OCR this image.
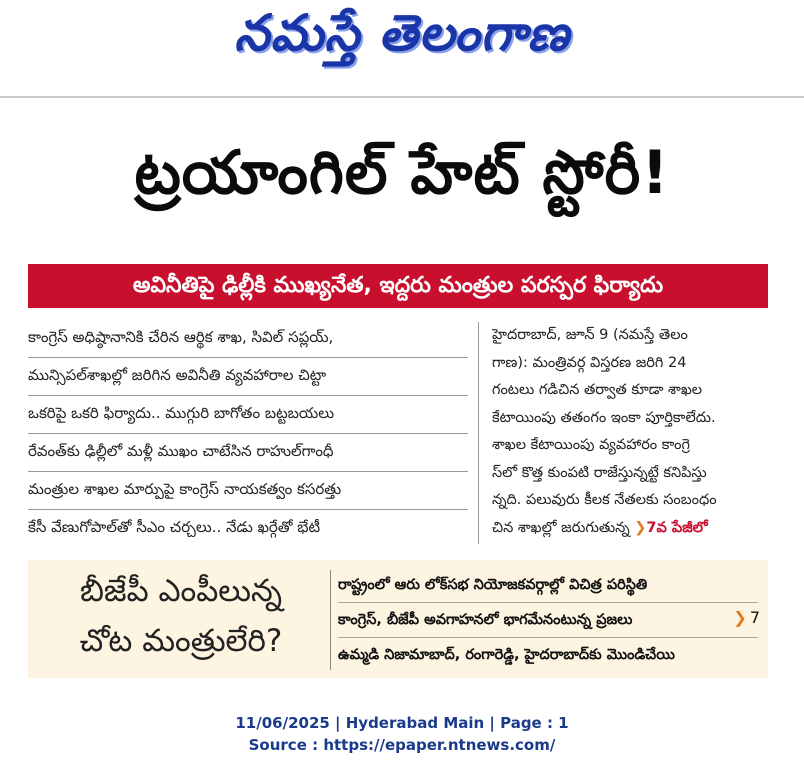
నమస్తే తెలంగాణ
ట్రయాంగిల్ హేట్ స్టోరీ!
అవినీతిపై ఢిల్లీకి ముఖ్యనేత, ఇద్దరు మంత్రుల పరస్పర ఫిర్యాదు
కాంగ్రెస్ అధిష్ఠానానికి చేరిన ఆర్థిక శాఖ, సివిల్ సప్లయ్,
మున్సిపల్‌శాఖల్లో జరిగిన అవినీతి వ్యవహారాల చిట్టా
ఒకరిపై ఒకరి ఫిర్యాదు.. ముగ్గురి బాగోతం బట్టబయలు
రేవంత్‌కు ఢిల్లీలో మళ్లీ ముఖం చాటేసిన రాహుల్‌గాంధీ
మంత్రుల శాఖల మార్పుపై కాంగ్రెస్ నాయకత్వం కసరత్తు
కేసీ వేణుగోపాల్‌తో సీఎం చర్చలు.. నేడు ఖర్గేతో భేటీ
హైదరాబాద్, జూన్ 9 (నమస్తే తెలం
గాణ): మంత్రివర్గ విస్తరణ జరిగి 24
గంటలు గడిచిన తర్వాత కూడా శాఖల
కేటాయింపు తతంగం ఇంకా పూర్తికాలేదు.
శాఖల కేటాయింపు వ్యవహారం కాంగ్రె
స్‌లో కొత్త కుంపటి రాజేస్తున్నట్టే కనిపిస్తు
న్నది. పలువురు కీలక నేతలకు సంబంధం
చిన శాఖల్లో జరుగుతున్న ❯7వ పేజీలో
బీజేపీ ఎంపీలున్న
చోట మంత్రులేరి?
రాష్ట్రంలో ఆరు లోక్‌సభ నియోజకవర్గాల్లో విచిత్ర పరిస్థితి
కాంగ్రెస్, బీజేపీ అవగాహనలో భాగమేనంటున్న ప్రజలు
ఉమ్మడి నిజామాబాద్, రంగారెడ్డి, హైదరాబాద్‌కు మొండిచేయి
❯ 7
11/06/2025 | Hyderabad Main | Page : 1
Source : https://epaper.ntnews.com/
